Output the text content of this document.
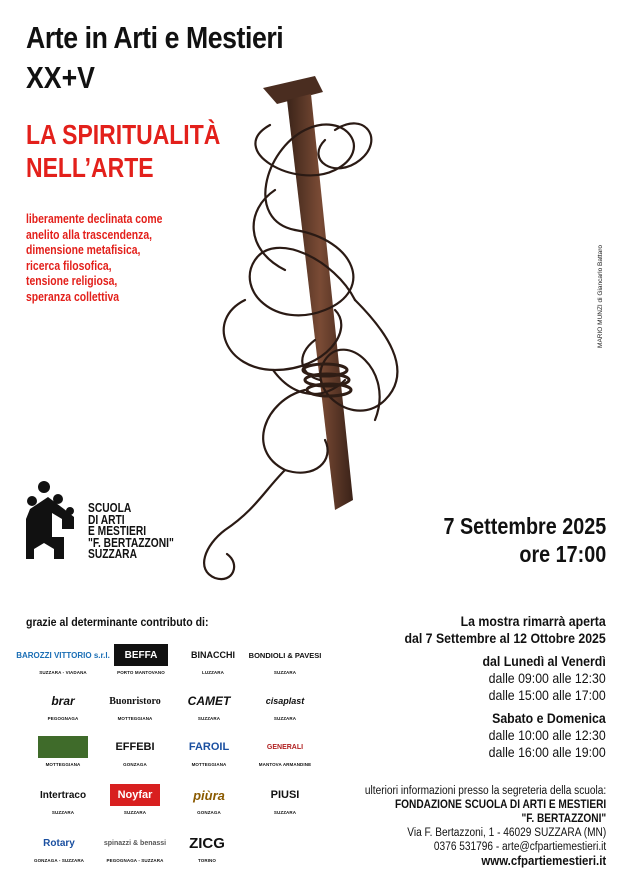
Arte in Arti e Mestieri
XX+V
LA SPIRITUALITÀ
NELL’ARTE
liberamente declinata come
anelito alla trascendenza,
dimensione metafisica,
ricerca filosofica,
tensione religiosa,
speranza collettiva	MARIO MUNZI di Giancarlo Battaro
SCUOLA
DI ARTI
E MESTIERI
"F. BERTAZZONI"
SUZZARA
7 Settembre 2025
ore 17:00
grazie al determinante contributo di:
BAROZZI VITTORIO s.r.l.
SUZZARA - VIADANA
BEFFA
PORTO MANTOVANO
BINACCHI
LUZZARA
BONDIOLI & PAVESI
SUZZARA
brar
PEGOGNAGA
Buonristoro
MOTTEGGIANA
CAMET
SUZZARA
cisaplast
SUZZARA
MOTTEGGIANA
EFFEBI
GONZAGA
FAROIL
MOTTEGGIANA
GENERALI
MANTOVA ARMANDINE
Intertraco
SUZZARA
Noyfar
SUZZARA
piùra
GONZAGA
PIUSI
SUZZARA
Rotary
GONZAGA - SUZZARA
spinazzi & benassi
PEGOGNAGA - SUZZARA
ZICG
TORINO
La mostra rimarrà aperta
dal 7 Settembre al 12 Ottobre 2025
dal Lunedì al Venerdì
dalle 09:00 alle 12:30
dalle 15:00 alle 17:00
Sabato e Domenica
dalle 10:00 alle 12:30
dalle 16:00 alle 19:00
ulteriori informazioni presso la segreteria della scuola:
FONDAZIONE SCUOLA DI ARTI E MESTIERI
"F. BERTAZZONI"
Via F. Bertazzoni, 1 - 46029 SUZZARA (MN)
0376 531796 - arte@cfpartiemestieri.it
www.cfpartiemestieri.it
